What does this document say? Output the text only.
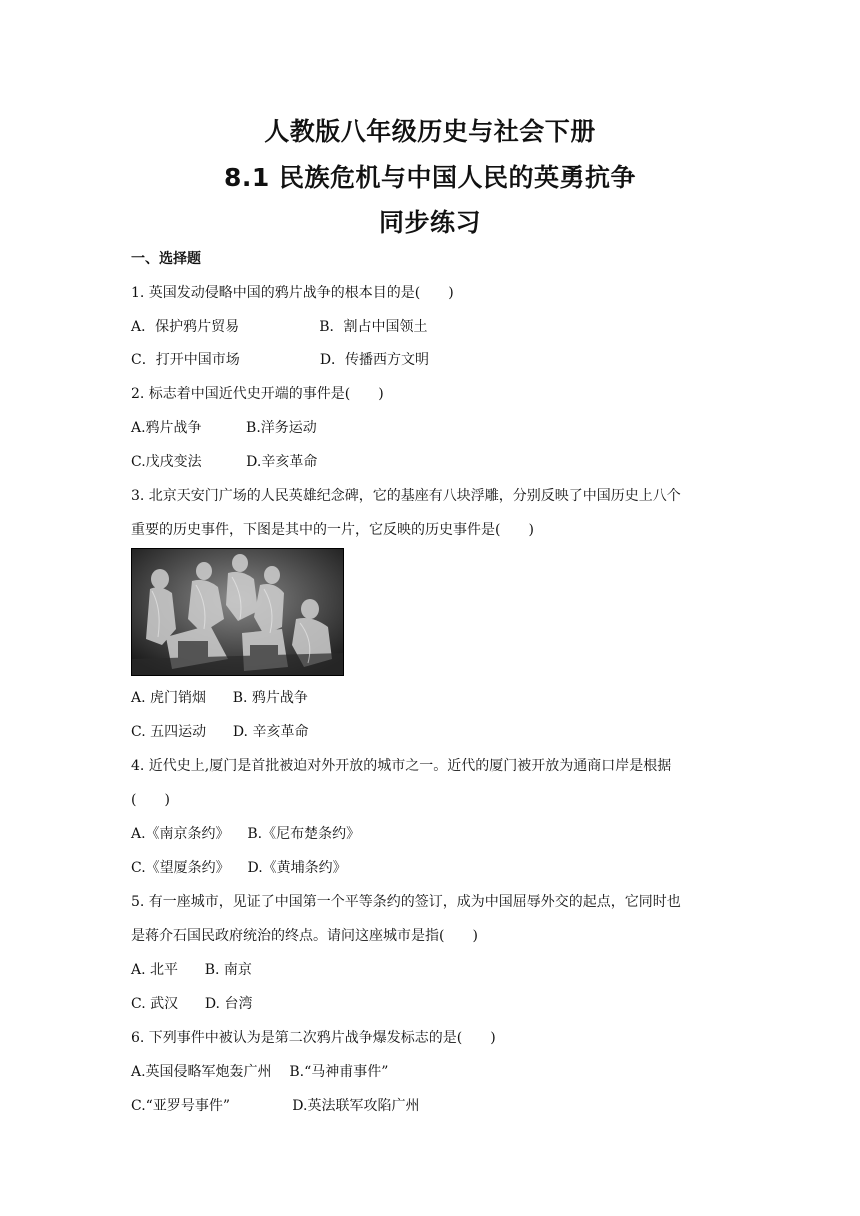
人教版八年级历史与社会下册
8.1 民族危机与中国人民的英勇抗争
同步练习
一、选择题
1. 英国发动侵略中国的鸦片战争的根本目的是(　　)
A．保护鸦片贸易                  B．割占中国领土
C．打开中国市场                  D．传播西方文明
2. 标志着中国近代史开端的事件是(　　)
A.鸦片战争          B.洋务运动
C.戊戌变法          D.辛亥革命
3. 北京天安门广场的人民英雄纪念碑，它的基座有八块浮雕，分别反映了中国历史上八个
重要的历史事件，下图是其中的一片，它反映的历史事件是(　　)
A. 虎门销烟      B. 鸦片战争
C. 五四运动      D. 辛亥革命
4. 近代史上,厦门是首批被迫对外开放的城市之一。近代的厦门被开放为通商口岸是根据
(　　)
A.《南京条约》    B.《尼布楚条约》
C.《望厦条约》    D.《黄埔条约》
5. 有一座城市，见证了中国第一个平等条约的签订，成为中国屈辱外交的起点，它同时也
是蒋介石国民政府统治的终点。请问这座城市是指(　　)
A. 北平      B. 南京
C. 武汉      D. 台湾
6. 下列事件中被认为是第二次鸦片战争爆发标志的是(　　)
A.英国侵略军炮轰广州    B.“马神甫事件”
C.“亚罗号事件”              D.英法联军攻陷广州
